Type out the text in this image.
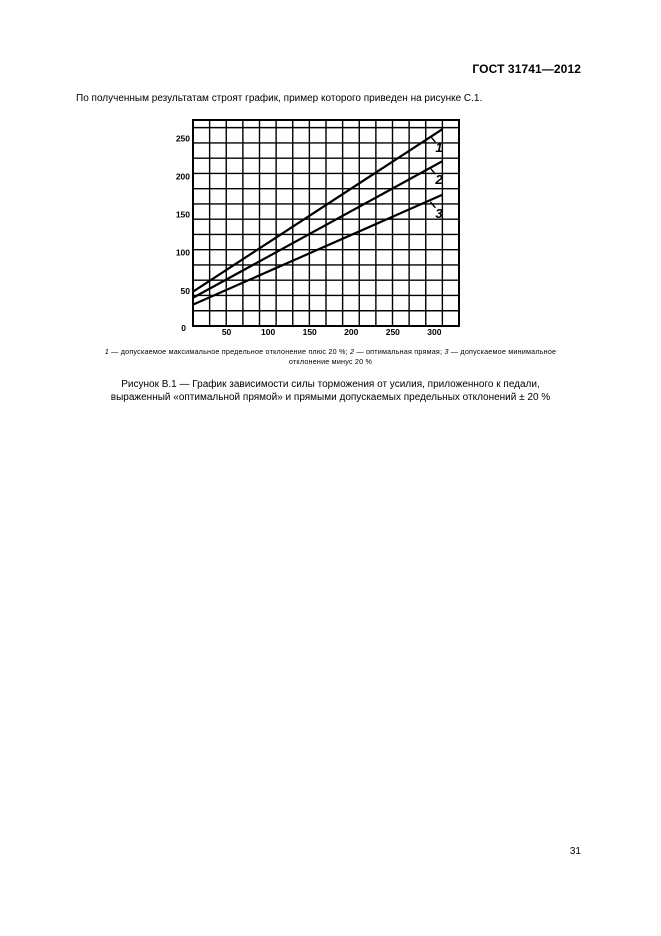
ГОСТ 31741—2012
По полученным результатам строят график, пример которого приведен на рисунке С.1.
50	100	150	200	250	300
50
100
150
200
250
0
1
2
3
1 — допускаемое максимальное предельное отклонение плюс 20 %; 2 — оптимальная прямая; 3 — допускаемое минимальное
отклонение минус 20 %
Рисунок В.1 — График зависимости силы торможения от усилия, приложенного к педали,
выраженный «оптимальной прямой» и прямыми допускаемых предельных отклонений ± 20 %
31
